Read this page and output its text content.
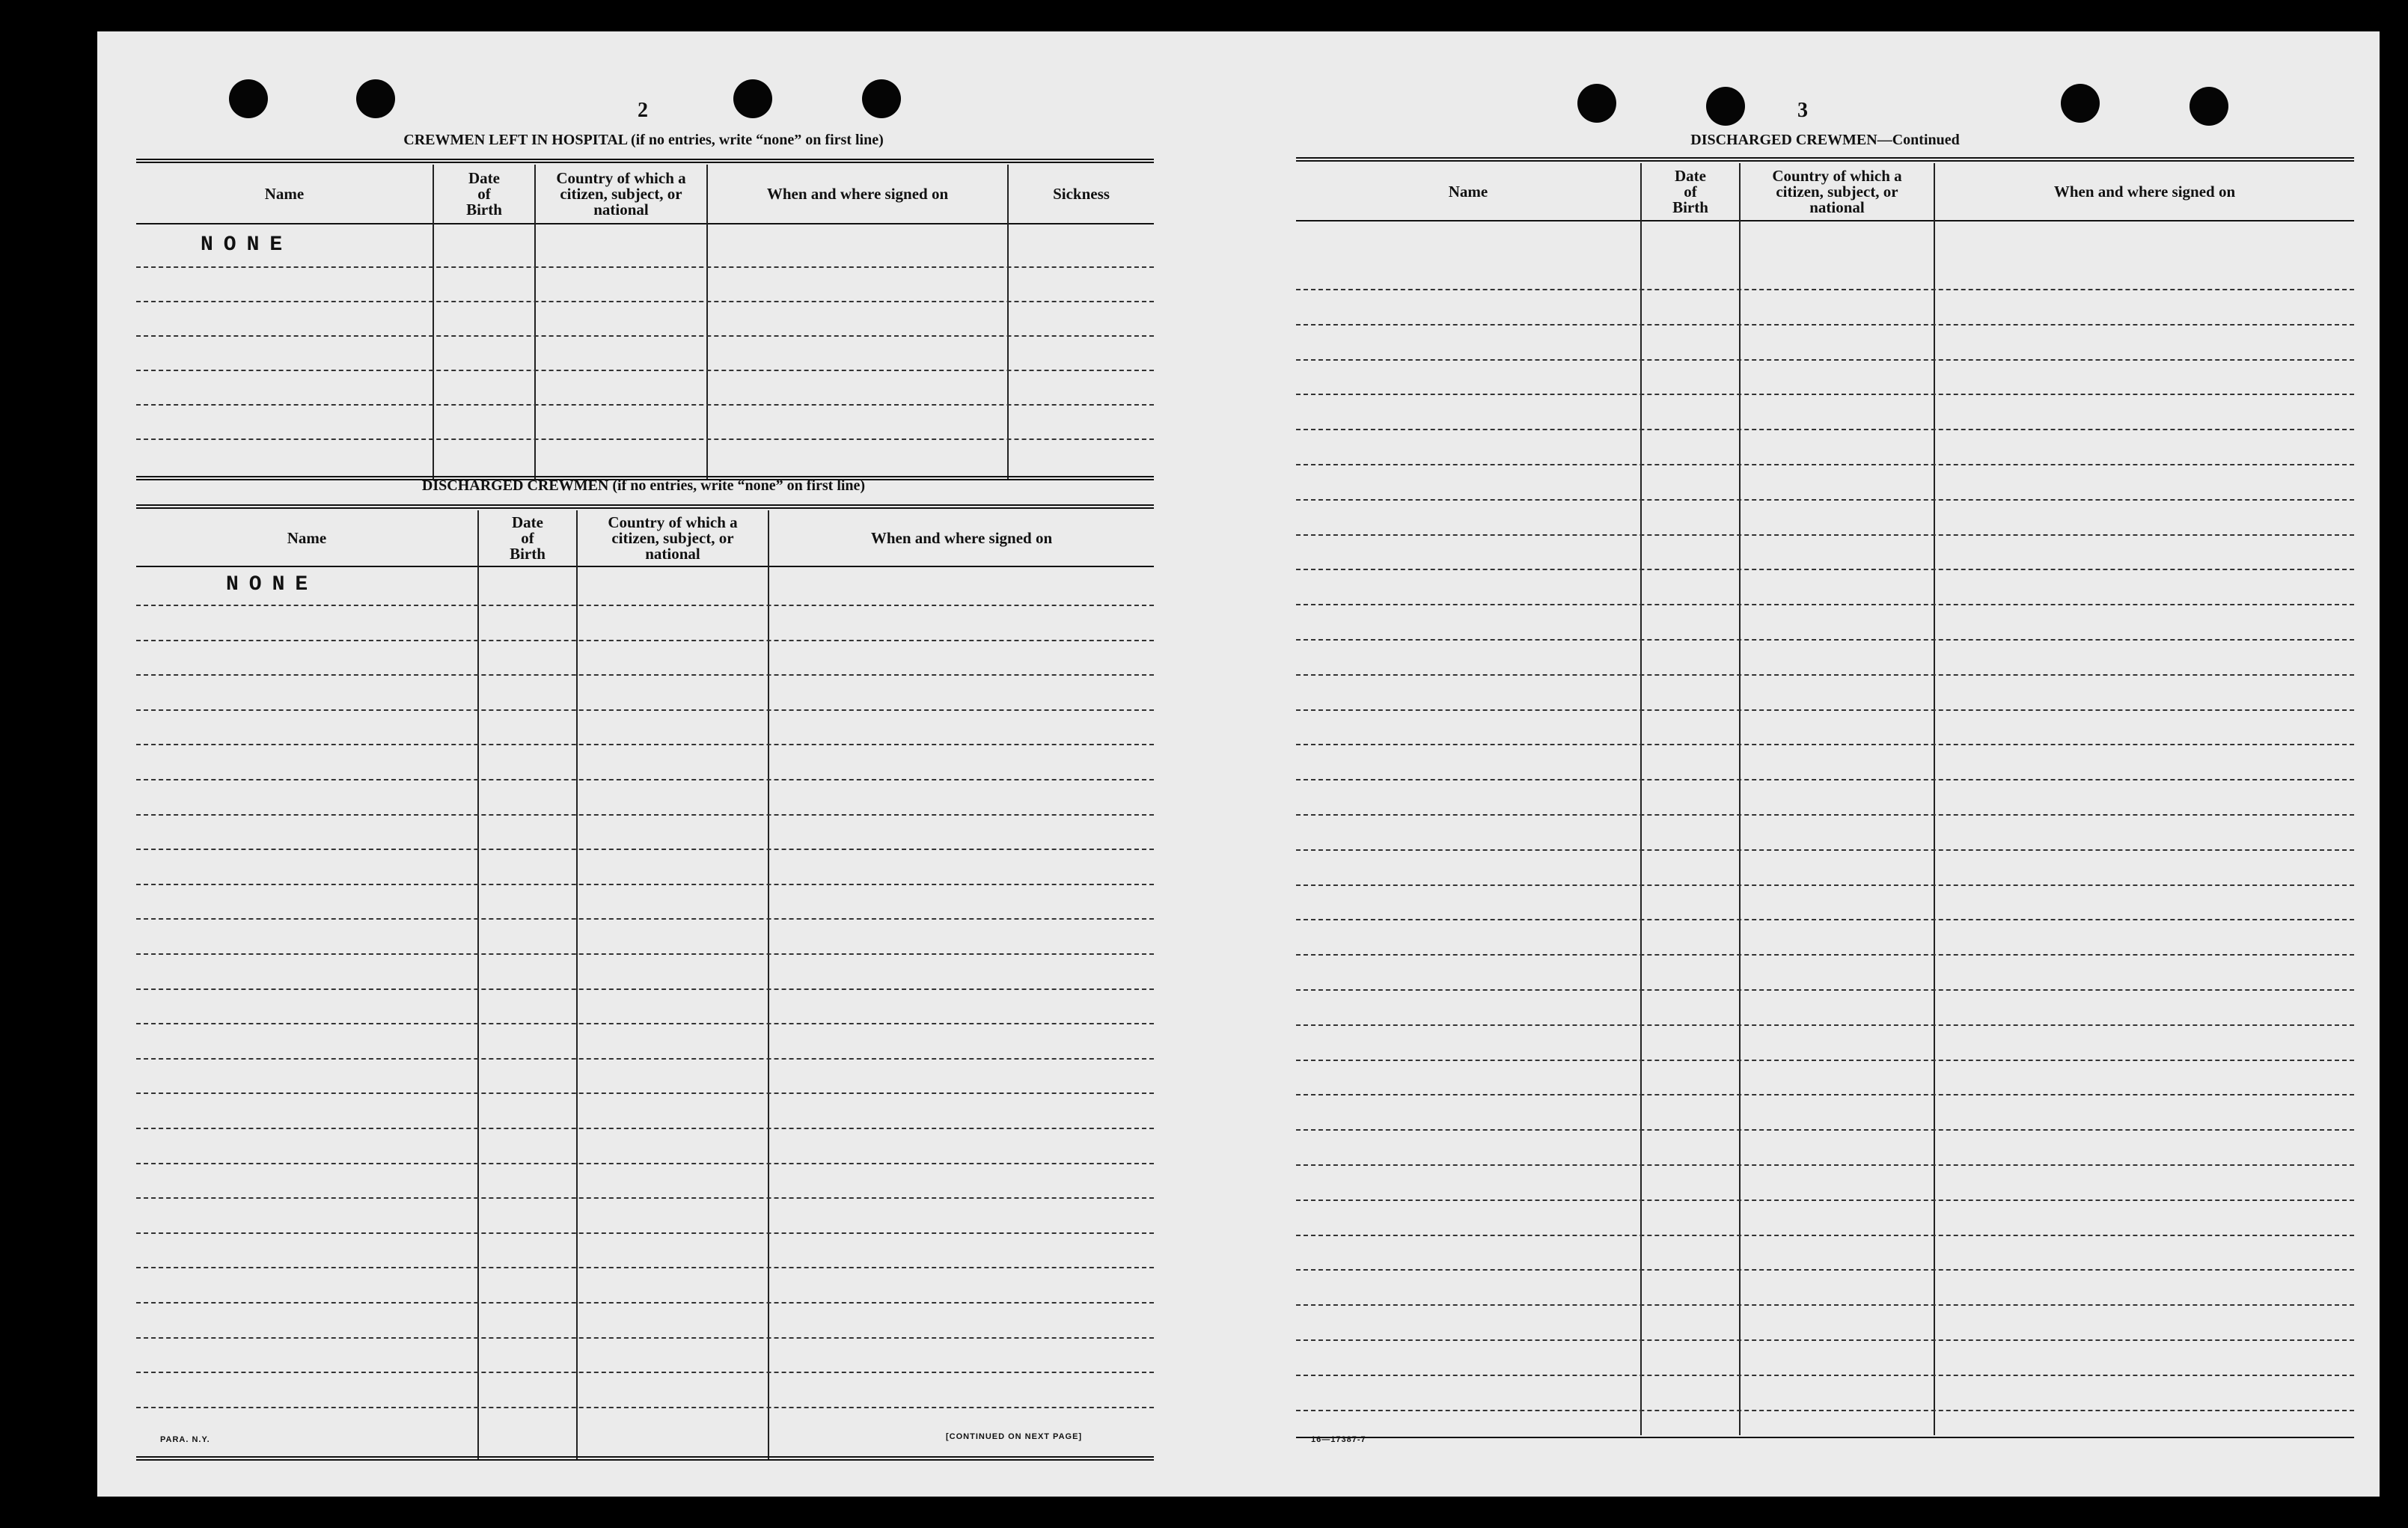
2
CREWMEN LEFT IN HOSPITAL (if no entries, write “none” on first line)
Name
Date
of
Birth
Country of which a
citizen, subject, or
national
When and where signed on	Sickness
NONE
DISCHARGED CREWMEN (if no entries, write “none” on first line)
Name
Date
of
Birth
Country of which a
citizen, subject, or
national
When and where signed on
NONE
PARA. N.Y.	[CONTINUED ON NEXT PAGE]
3
DISCHARGED CREWMEN—Continued
Name
Date
of
Birth
Country of which a
citizen, subject, or
national
When and where signed on
16—17387-7
